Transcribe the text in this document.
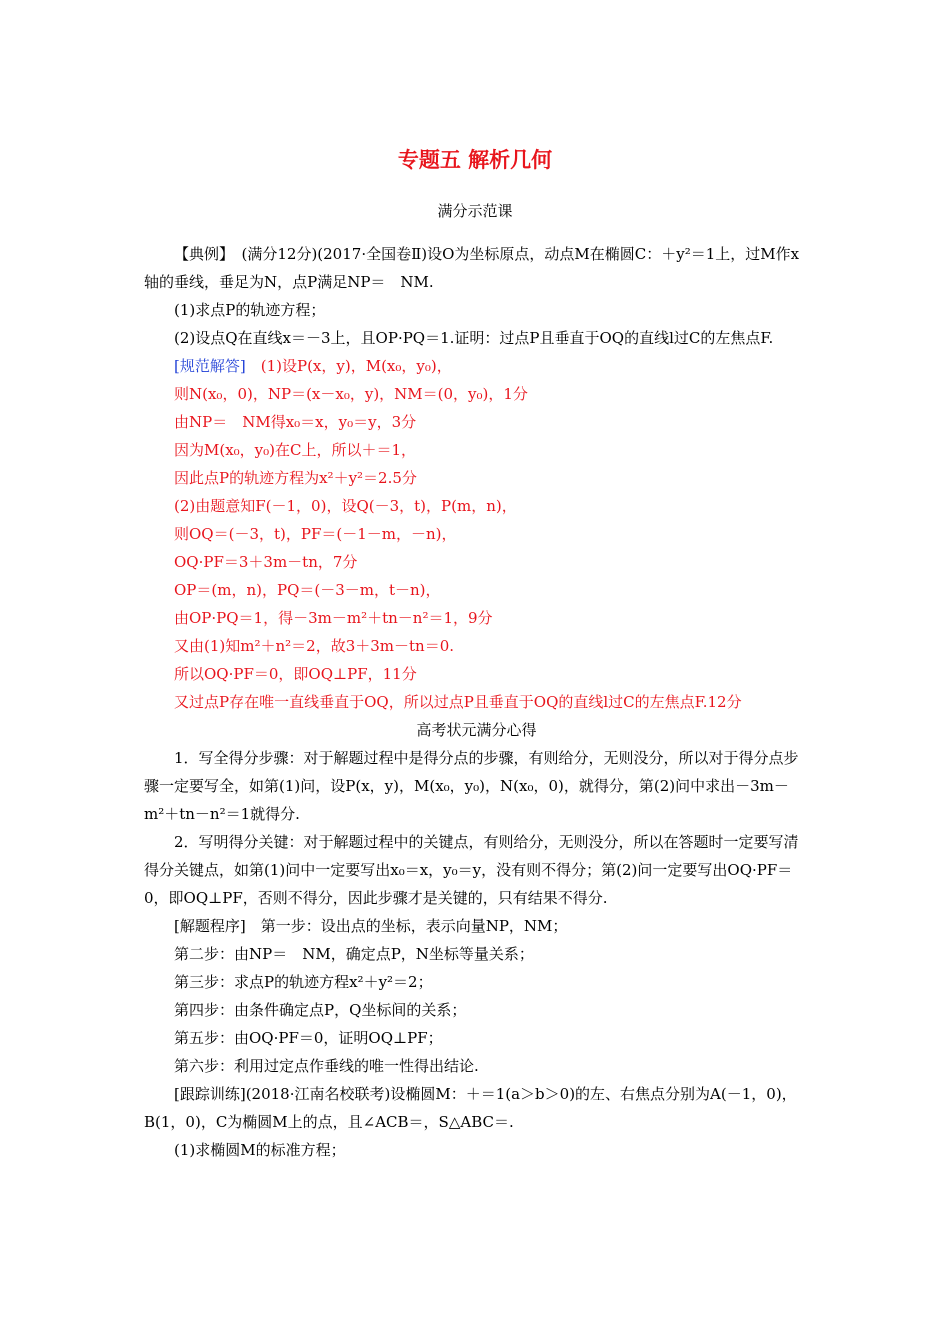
专题五 解析几何
满分示范课

【典例】　(满分12分)(2017·全国卷Ⅱ)设O为坐标原点，动点M在椭圆C：＋y²＝1上，过M作x轴的垂线，垂足为N，点P满足NP＝　NM.

(1)求点P的轨迹方程；

(2)设点Q在直线x＝－3上，且OP·PQ＝1.证明：过点P且垂直于OQ的直线l过C的左焦点F.

[规范解答]　 (1)设P(x，y)，M(x₀，y₀)，

则N(x₀，0)，NP＝(x－x₀，y)，NM＝(0，y₀)，1分

由NP＝　NM得x₀＝x，y₀＝y，3分

因为M(x₀，y₀)在C上，所以＋＝1，

因此点P的轨迹方程为x²＋y²＝2.5分

(2)由题意知F(－1，0)，设Q(－3，t)，P(m，n)，

则OQ＝(－3，t)，PF＝(－1－m，－n)，

OQ·PF＝3＋3m－tn，7分

OP＝(m，n)，PQ＝(－3－m，t－n)，

由OP·PQ＝1，得－3m－m²＋tn－n²＝1，9分

又由(1)知m²＋n²＝2，故3＋3m－tn＝0.

所以OQ·PF＝0，即OQ⊥PF，11分

又过点P存在唯一直线垂直于OQ，所以过点P且垂直于OQ的直线l过C的左焦点F.12分

高考状元满分心得

1．写全得分步骤：对于解题过程中是得分点的步骤，有则给分，无则没分，所以对于得分点步骤一定要写全，如第(1)问，设P(x，y)，M(x₀，y₀)，N(x₀，0)，就得分，第(2)问中求出－3m－m²＋tn－n²＝1就得分.

2．写明得分关键：对于解题过程中的关键点，有则给分，无则没分，所以在答题时一定要写清得分关键点，如第(1)问中一定要写出x₀＝x，y₀＝y，没有则不得分；第(2)问一定要写出OQ·PF＝0，即OQ⊥PF，否则不得分，因此步骤才是关键的，只有结果不得分.

[解题程序]　第一步：设出点的坐标，表示向量NP，NM；

第二步：由NP＝　NM，确定点P，N坐标等量关系；

第三步：求点P的轨迹方程x²＋y²＝2；

第四步：由条件确定点P，Q坐标间的关系；

第五步：由OQ·PF＝0，证明OQ⊥PF；

第六步：利用过定点作垂线的唯一性得出结论.

[跟踪训练](2018·江南名校联考)设椭圆M：＋＝1(a＞b＞0)的左、右焦点分别为A(－1，0)，B(1，0)，C为椭圆M上的点，且∠ACB＝，S△ABC＝.

(1)求椭圆M的标准方程；
